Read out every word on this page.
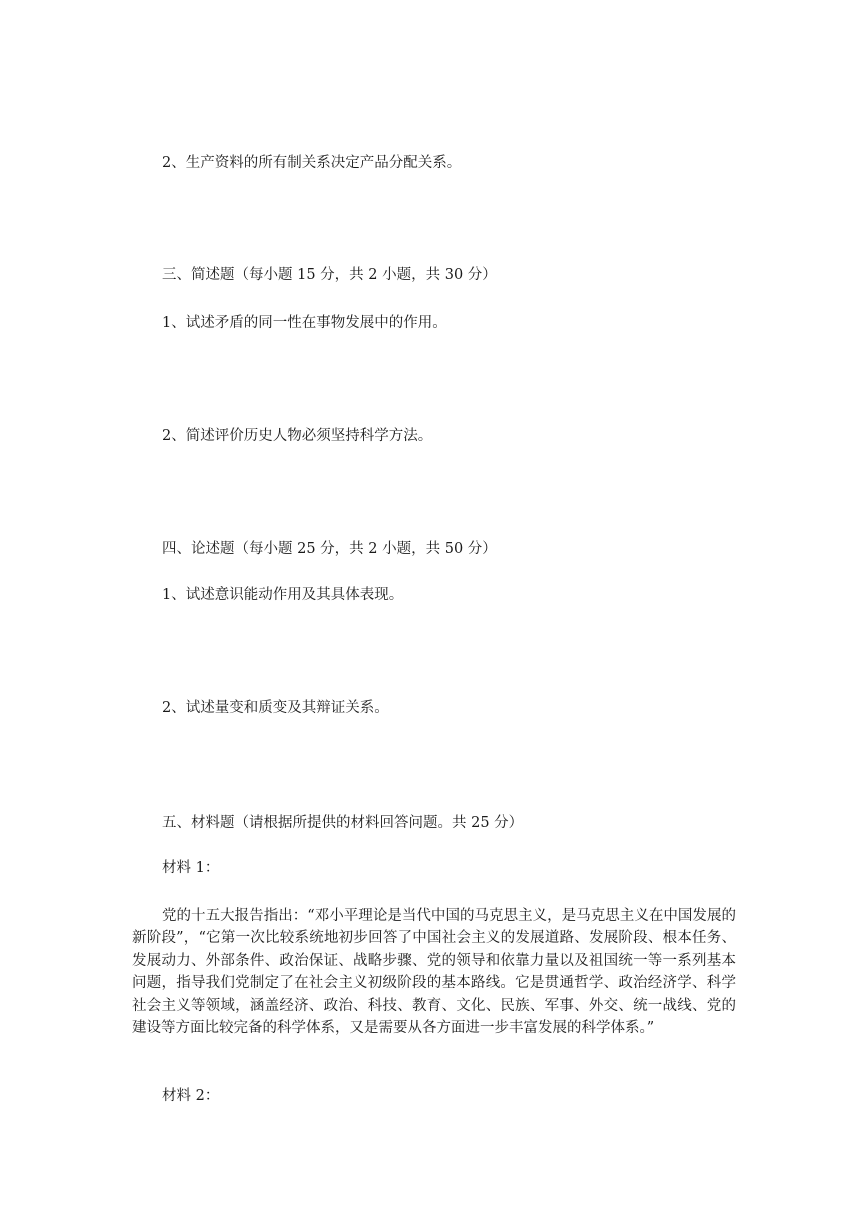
2、生产资料的所有制关系决定产品分配关系。
三、简述题（每小题 15 分，共 2 小题，共 30 分）
1、试述矛盾的同一性在事物发展中的作用。
2、简述评价历史人物必须坚持科学方法。
四、论述题（每小题 25 分，共 2 小题，共 50 分）
1、试述意识能动作用及其具体表现。
2、试述量变和质变及其辩证关系。
五、材料题（请根据所提供的材料回答问题。共 25 分）
材料 1：
党的十五大报告指出：“邓小平理论是当代中国的马克思主义，是马克思主义在中国发展的新阶段”，“它第一次比较系统地初步回答了中国社会主义的发展道路、发展阶段、根本任务、发展动力、外部条件、政治保证、战略步骤、党的领导和依靠力量以及祖国统一等一系列基本问题，指导我们党制定了在社会主义初级阶段的基本路线。它是贯通哲学、政治经济学、科学社会主义等领域，涵盖经济、政治、科技、教育、文化、民族、军事、外交、统一战线、党的建设等方面比较完备的科学体系，又是需要从各方面进一步丰富发展的科学体系。”
材料 2：
